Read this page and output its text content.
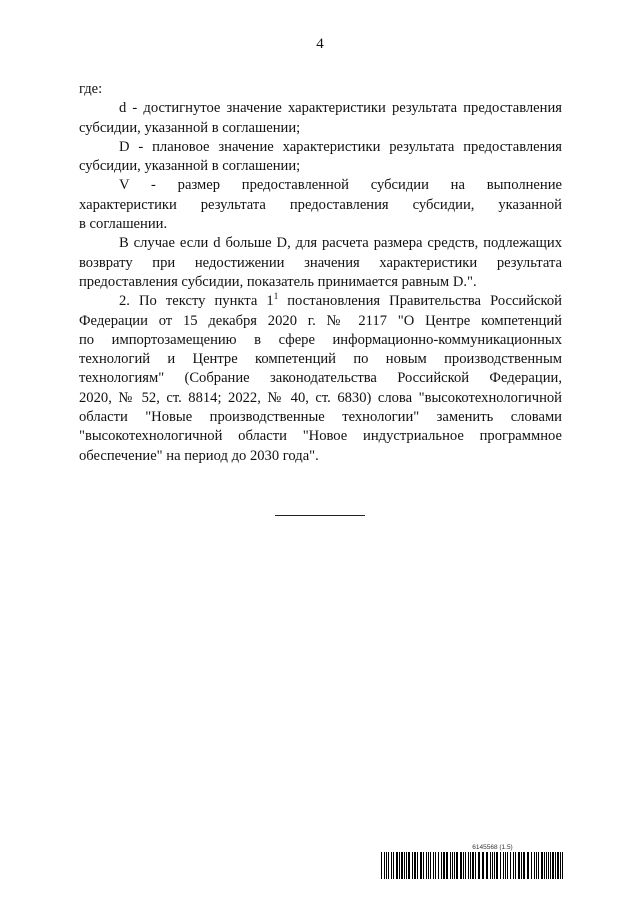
4
где:
d - достигнутое значение характеристики результата предоставления
субсидии, указанной в соглашении;
D - плановое значение характеристики результата предоставления
субсидии, указанной в соглашении;
V - размер предоставленной субсидии на выполнение
характеристики результата предоставления субсидии, указанной
в соглашении.
В случае если d больше D, для расчета размера средств, подлежащих
возврату при недостижении значения характеристики результата
предоставления субсидии, показатель принимается равным D.".
2. По тексту пункта $1^1$ постановления Правительства Российской
Федерации от 15 декабря 2020 г. № 2117 "О Центре компетенций
по импортозамещению в сфере информационно-коммуникационных
технологий и Центре компетенций по новым производственным
технологиям" (Собрание законодательства Российской Федерации,
2020, № 52, ст. 8814; 2022, № 40, ст. 6830) слова "высокотехнологичной
области "Новые производственные технологии" заменить словами
"высокотехнологичной области "Новое индустриальное программное
обеспечение" на период до 2030 года".
6145568 (1.5)
